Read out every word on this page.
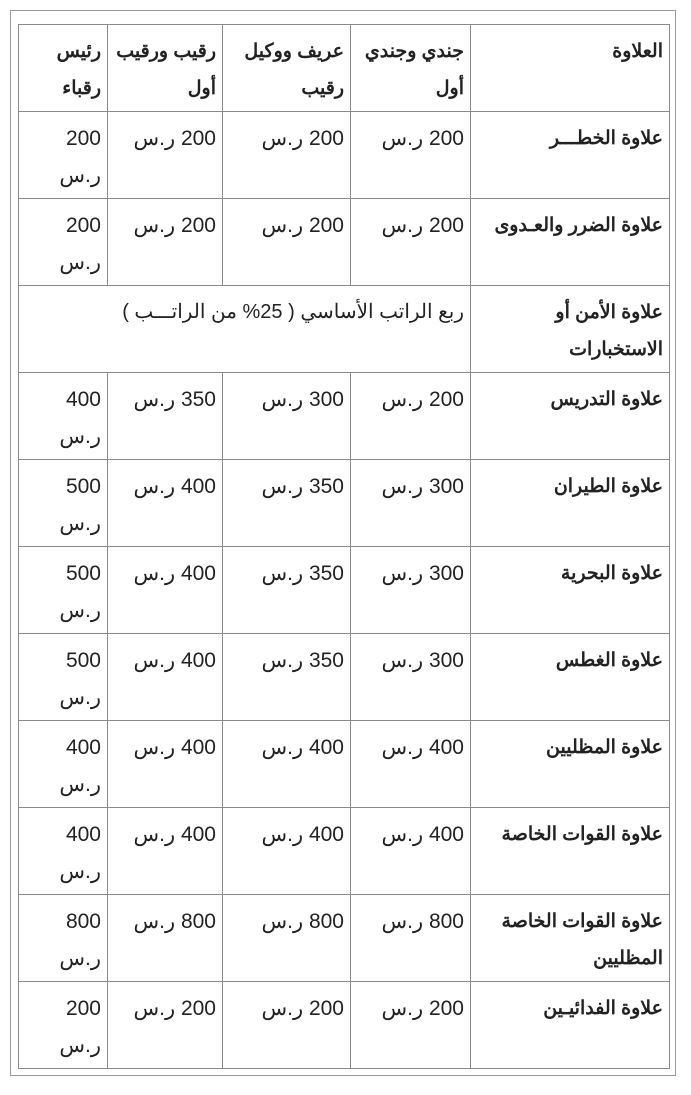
العلاوة	جندي وجندي أول	عريف ووكيل رقيب	رقيب ورقيب أول	رئيس رقباء
علاوة الخطـــر	200 ر.س	200 ر.س	200 ر.س	200 ر.س
علاوة الضرر والعـدوى	200 ر.س	200 ر.س	200 ر.س	200 ر.س
علاوة الأمن أو الاستخبارات	ربع الراتب الأساسي ( 25% من الراتـــب )			
علاوة التدريس	200 ر.س	300 ر.س	350 ر.س	400 ر.س
علاوة الطيران	300 ر.س	350 ر.س	400 ر.س	500 ر.س
علاوة البحرية	300 ر.س	350 ر.س	400 ر.س	500 ر.س
علاوة الغطس	300 ر.س	350 ر.س	400 ر.س	500 ر.س
علاوة المظليين	400 ر.س	400 ر.س	400 ر.س	400 ر.س
علاوة القوات الخاصة	400 ر.س	400 ر.س	400 ر.س	400 ر.س
علاوة القوات الخاصة المظليين	800 ر.س	800 ر.س	800 ر.س	800 ر.س
علاوة الفدائيـين	200 ر.س	200 ر.س	200 ر.س	200 ر.س
